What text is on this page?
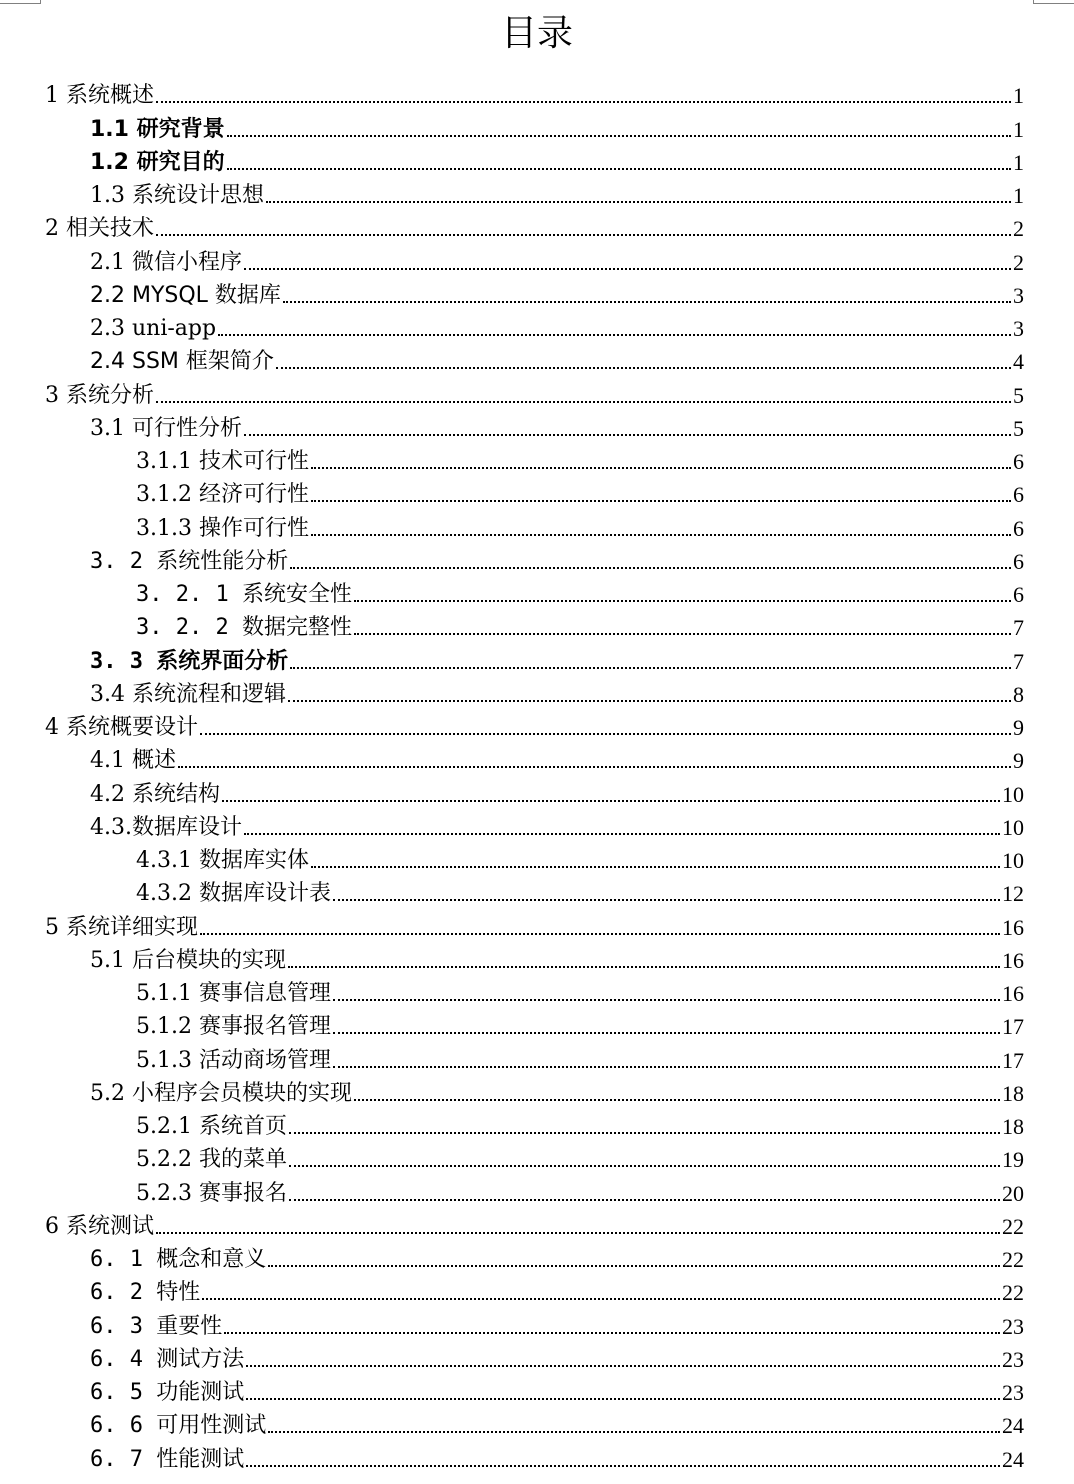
目录
1 系统概述	1
1.1 研究背景	1
1.2 研究目的	1
1.3 系统设计思想	1
2 相关技术	2
2.1 微信小程序	2
2.2 MYSQL 数据库	3
2.3 uni-app	3
2.4 SSM 框架简介	4
3 系统分析	5
3.1 可行性分析	5
3.1.1 技术可行性	6
3.1.2 经济可行性	6
3.1.3 操作可行性	6
3. 2 系统性能分析	6
3. 2. 1 系统安全性	6
3. 2. 2 数据完整性	7
3. 3 系统界面分析	7
3.4 系统流程和逻辑	8
4 系统概要设计	9
4.1 概述	9
4.2 系统结构	10
4.3.数据库设计	10
4.3.1 数据库实体	10
4.3.2 数据库设计表	12
5 系统详细实现	16
5.1 后台模块的实现	16
5.1.1 赛事信息管理	16
5.1.2 赛事报名管理	17
5.1.3 活动商场管理	17
5.2 小程序会员模块的实现	18
5.2.1 系统首页	18
5.2.2 我的菜单	19
5.2.3 赛事报名	20
6 系统测试	22
6. 1 概念和意义	22
6. 2 特性	22
6. 3 重要性	23
6. 4 测试方法	23
6. 5 功能测试	23
6. 6 可用性测试	24
6. 7 性能测试	24
